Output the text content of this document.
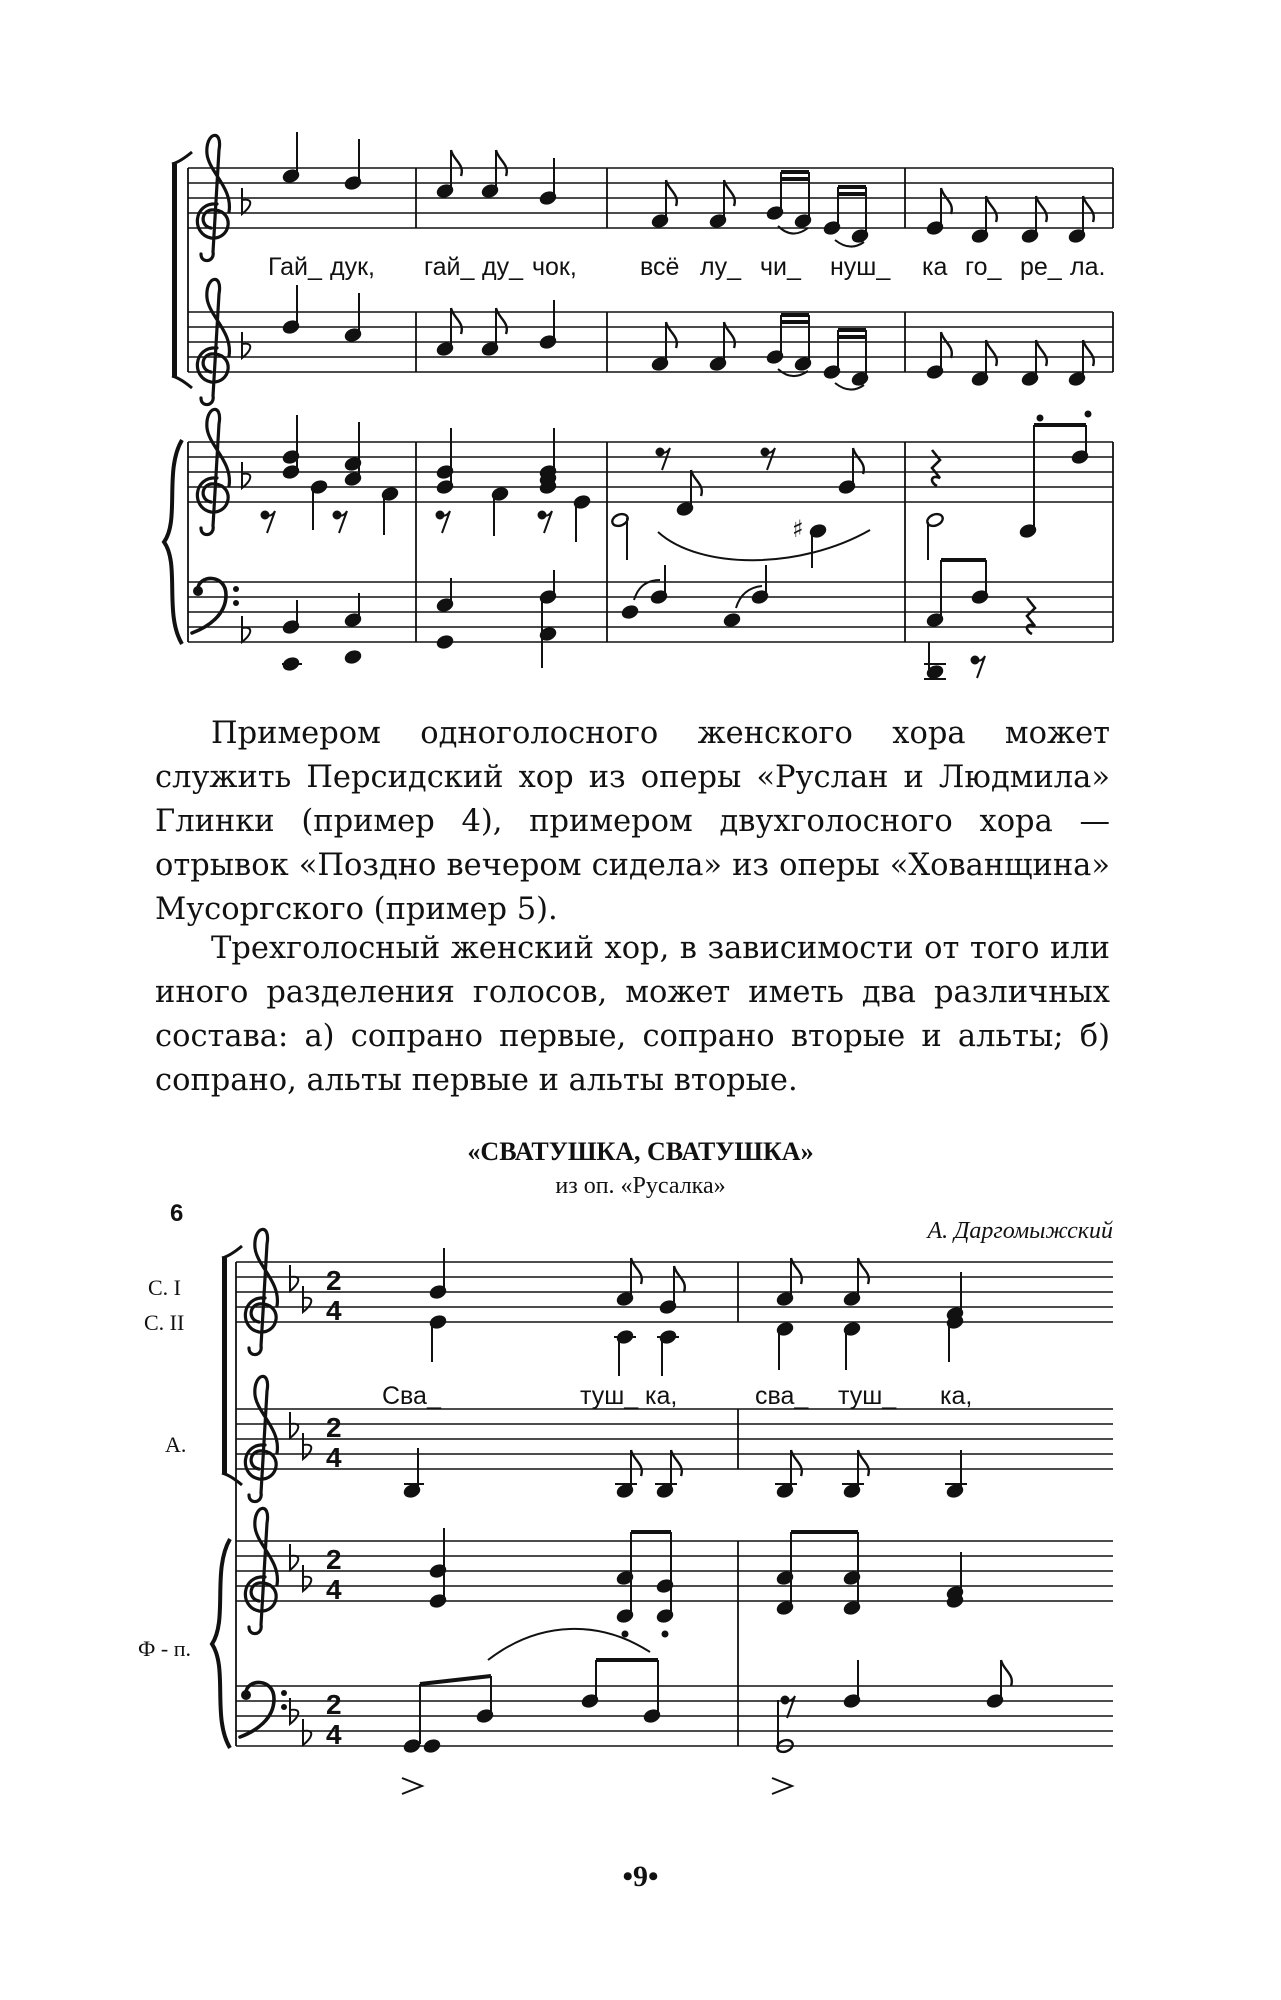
Гай_ дук, гай_ ду_ чок,	всё лу_ чи_ нуш_ ка го_ ре_ ла.
♯
2
4
2
4
2
4
2
4
Сва_	туш_ ка,	сва_ туш_ ка,
С. I
С. II
А.
Ф - п.

Примером одноголосного женского хора может служить Персидский хор из оперы «Руслан и Людмила» Глинки (пример 4), примером двухголосного хора — отрывок «Поздно вечером сидела» из оперы «Хованщина» Мусоргского (пример 5).

Трехголосный женский хор, в зависимости от того или иного разделения голосов, может иметь два различных состава: а) сопрано первые, сопрано вторые и альты; б) сопрано, альты первые и альты вторые.

«СВАТУШКА, СВАТУШКА»
из оп. «Русалка»
6
А. Даргомыжский
•9•
